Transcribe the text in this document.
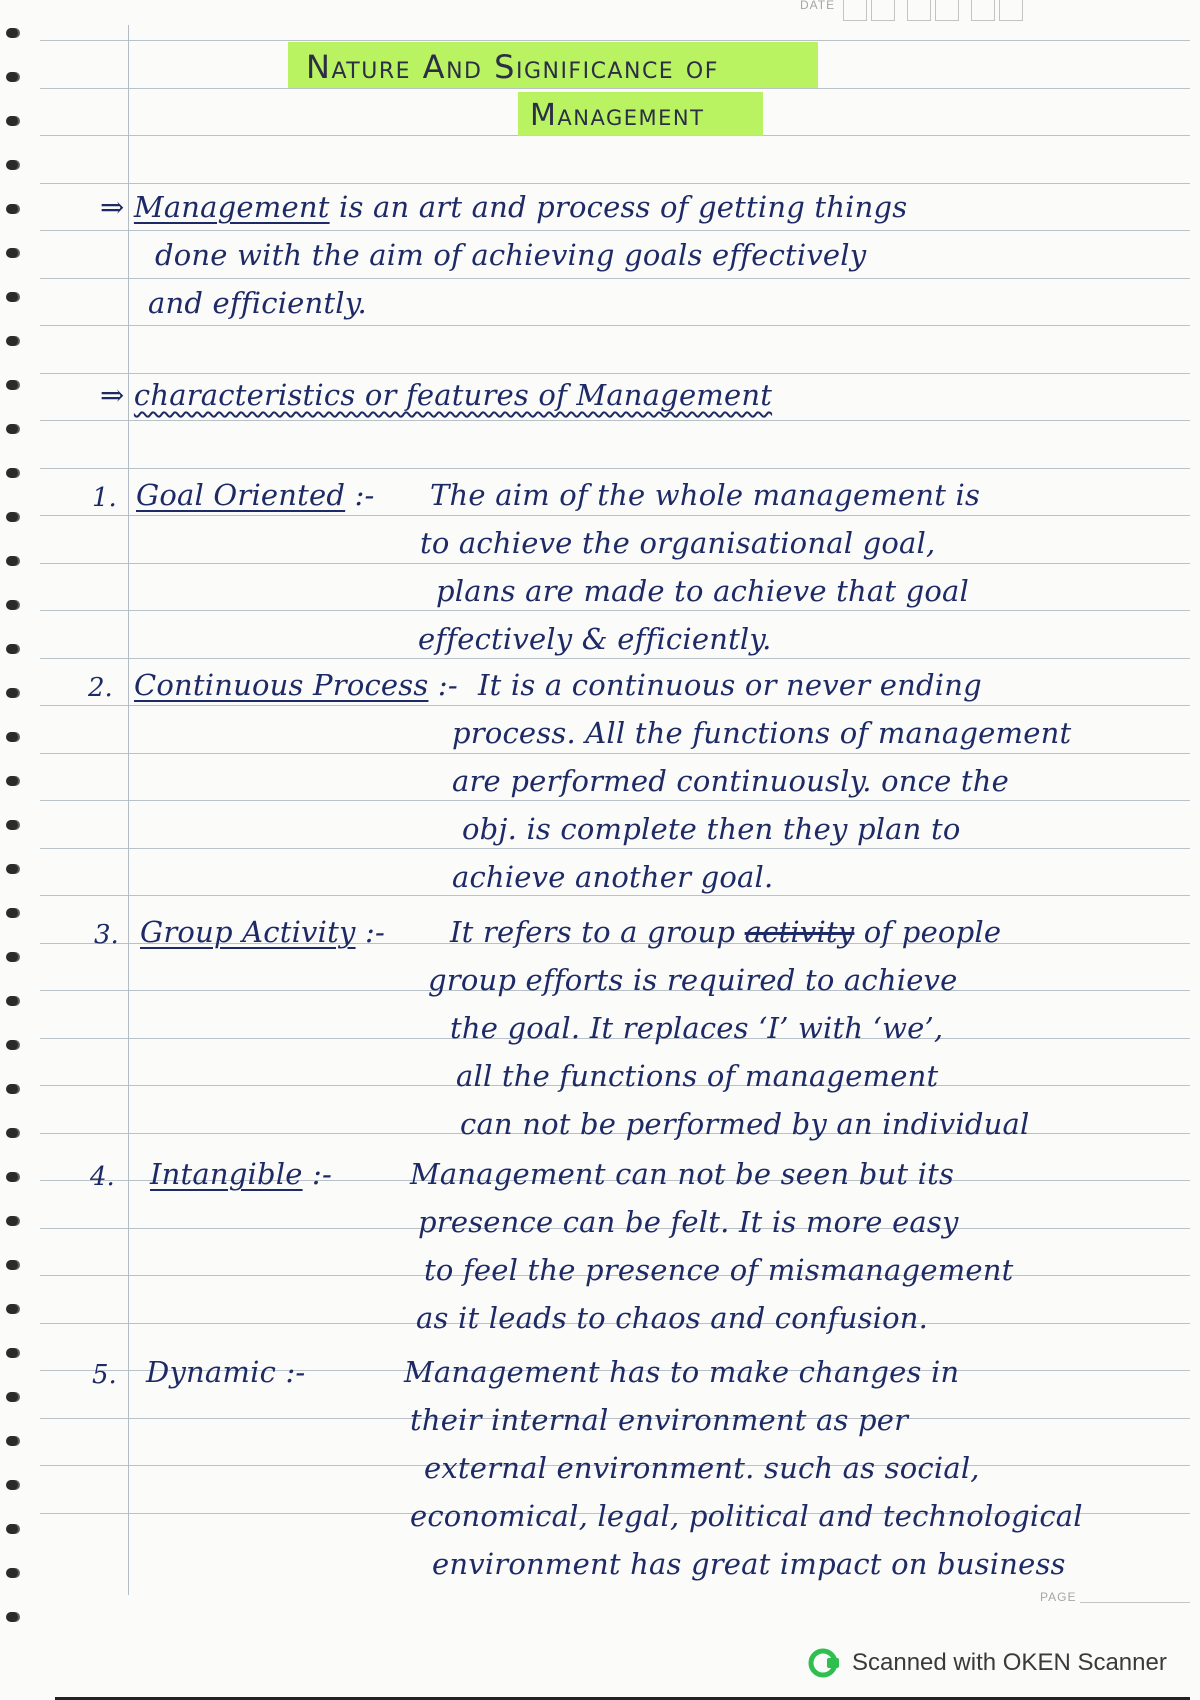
DATE
Nature And Significance of
Management
⇒ Management is an art and process of getting things
done with the aim of achieving goals effectively
and efficiently.
⇒ characteristics or features of Management
1. Goal Oriented :- The aim of the whole management is
to achieve the organisational goal,
plans are made to achieve that goal
effectively & efficiently.
2. Continuous Process :- It is a continuous or never ending
process. All the functions of management
are performed continuously. once the
obj. is complete then they plan to
achieve another goal.
3. Group Activity :- It refers to a group activity of people
group efforts is required to achieve
the goal. It replaces ‘I’ with ‘we’,
all the functions of management
can not be performed by an individual
4. Intangible :-	Management can not be seen but its
presence can be felt. It is more easy
to feel the presence of mismanagement
as it leads to chaos and confusion.
5. Dynamic :-	Management has to make changes in
their internal environment as per
external environment. such as social,
economical, legal, political and technological
environment has great impact on business
PAGE
Scanned with OKEN Scanner
